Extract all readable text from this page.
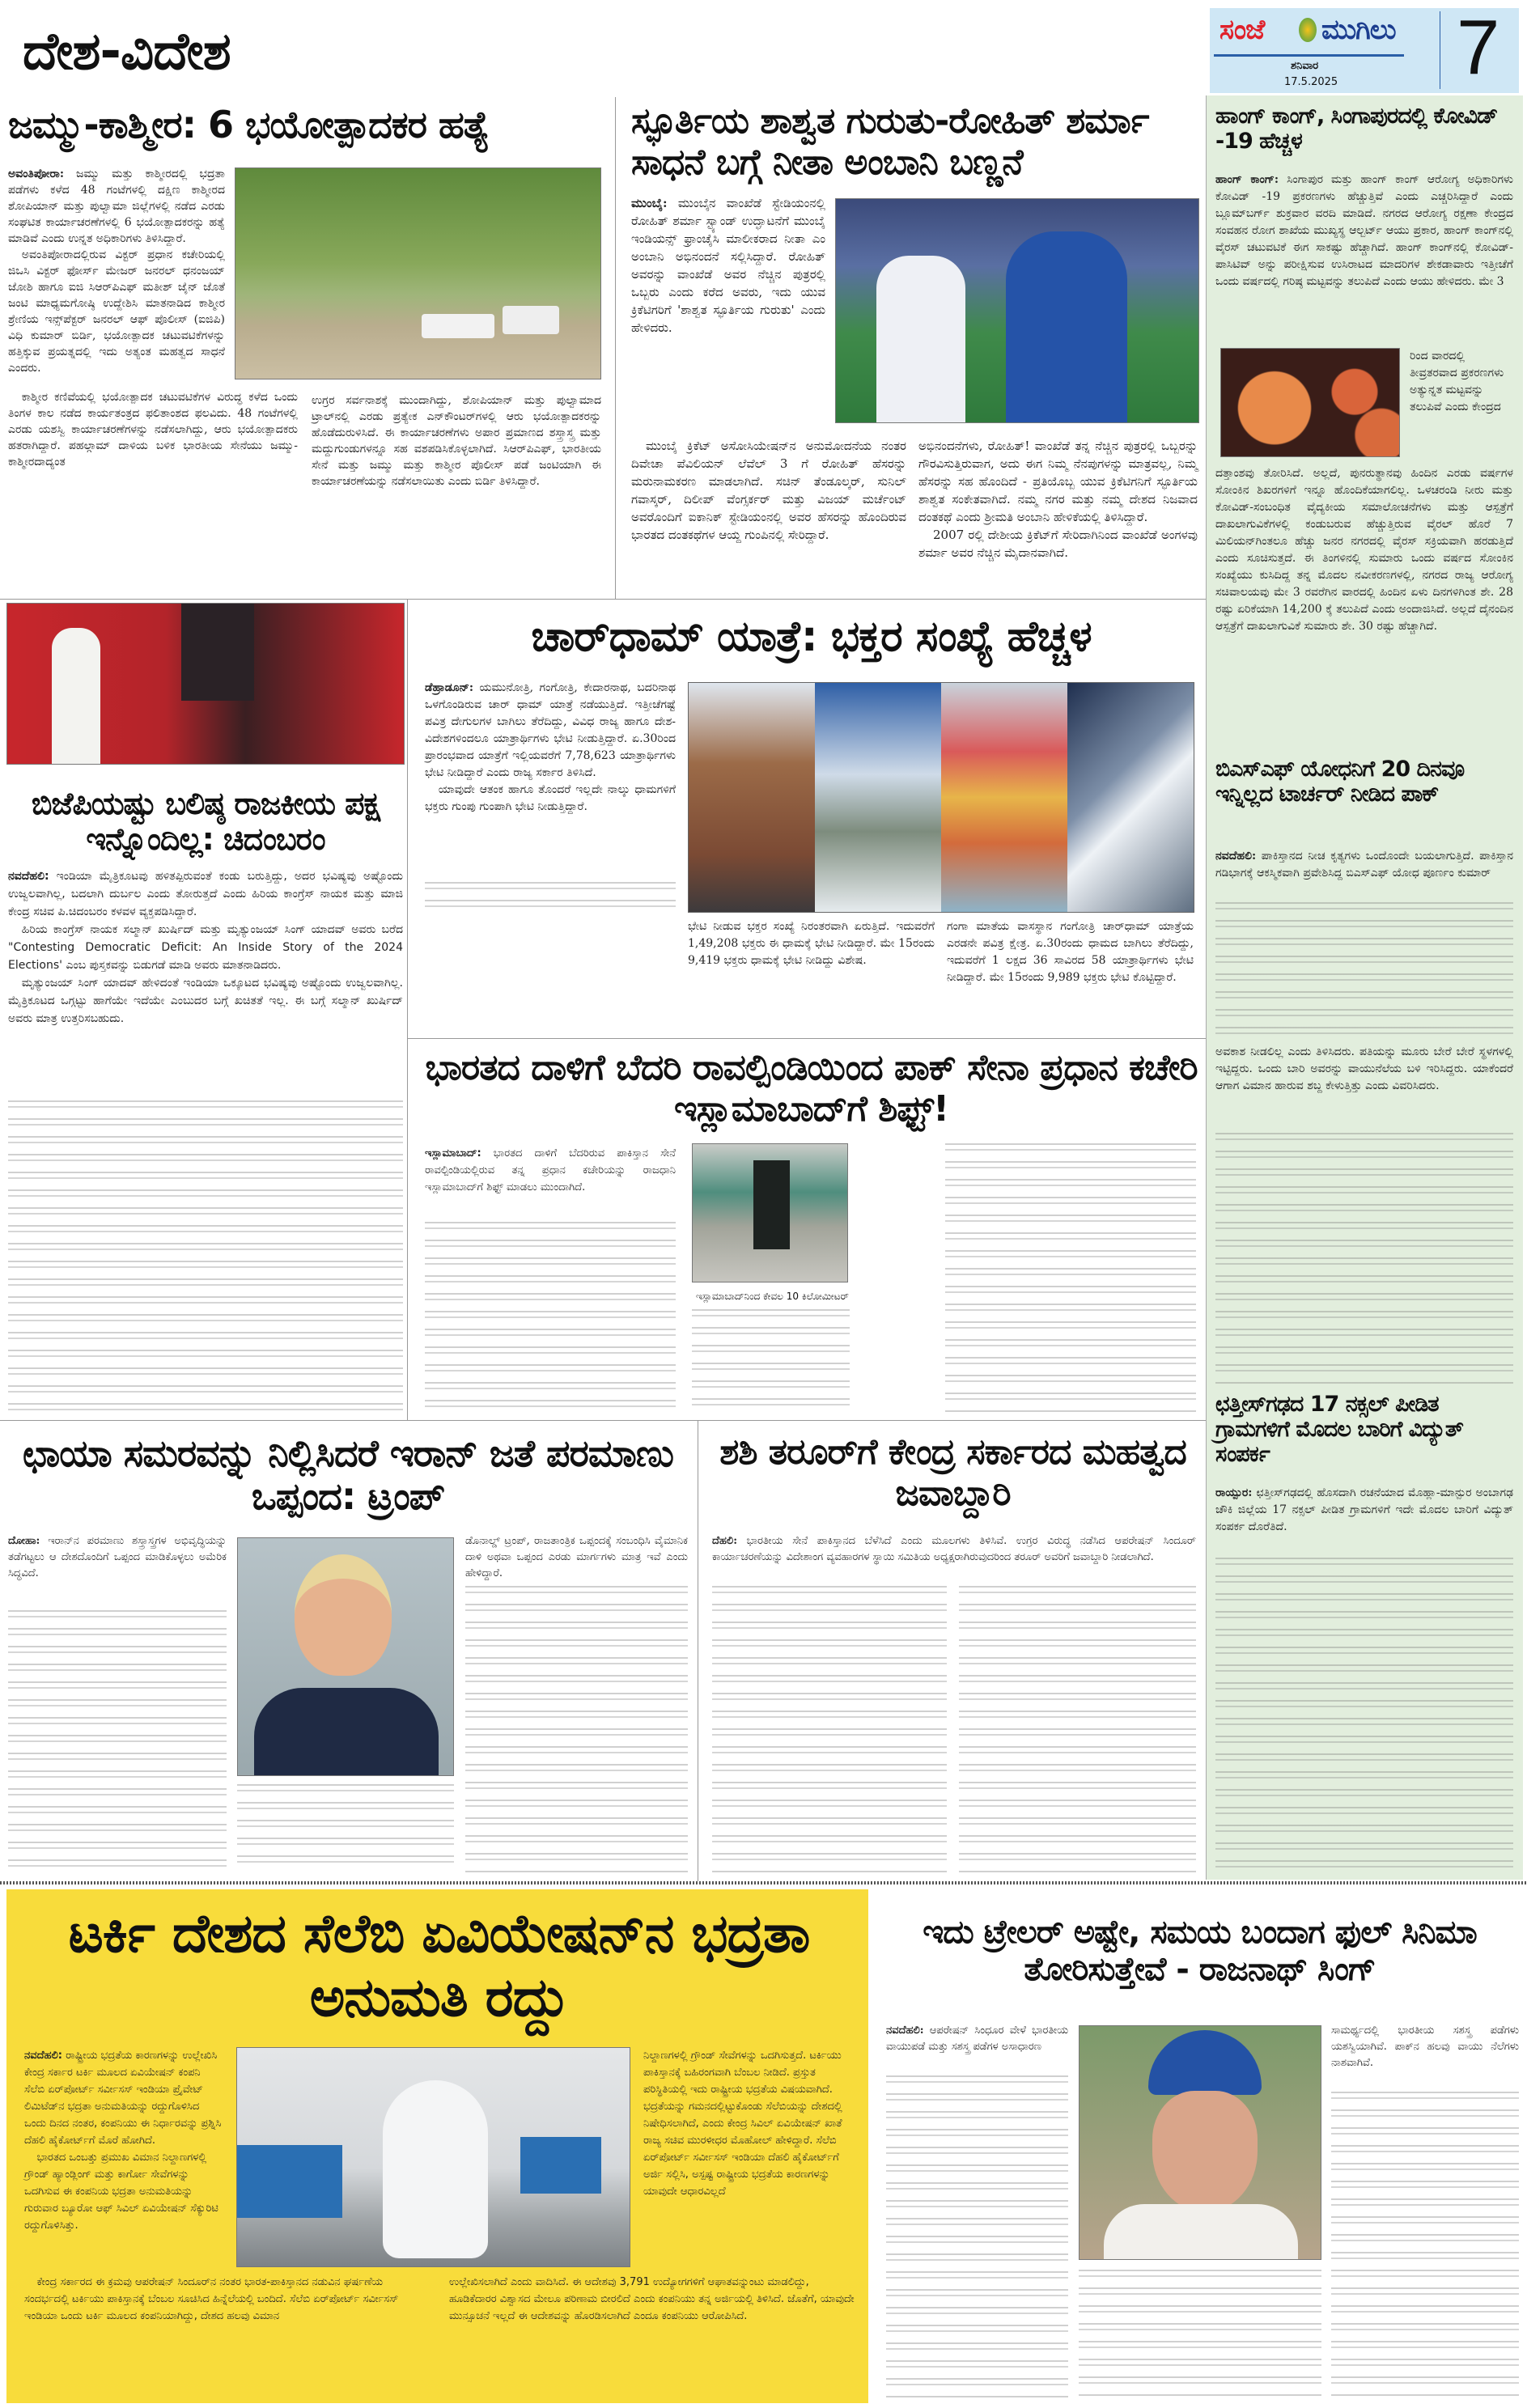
ದೇಶ-ವಿದೇಶ	ಸಂಜೆ ಮುಗಿಲು
ಶನಿವಾರ
17.5.2025 7
ಜಮ್ಮು-ಕಾಶ್ಮೀರ: 6 ಭಯೋತ್ಪಾದಕರ ಹತ್ಯೆ

ಅವಂತಿಪೋರಾ: ಜಮ್ಮು ಮತ್ತು ಕಾಶ್ಮೀರದಲ್ಲಿ ಭದ್ರತಾ ಪಡೆಗಳು ಕಳೆದ 48 ಗಂಟೆಗಳಲ್ಲಿ ದಕ್ಷಿಣ ಕಾಶ್ಮೀರದ ಶೋಪಿಯಾನ್ ಮತ್ತು ಪುಲ್ವಾಮಾ ಜಿಲ್ಲೆಗಳಲ್ಲಿ ನಡೆದ ಎರಡು ಸಂಘಟಿತ ಕಾರ್ಯಾಚರಣೆಗಳಲ್ಲಿ 6 ಭಯೋತ್ಪಾದಕರನ್ನು ಹತ್ಯೆ ಮಾಡಿವೆ ಎಂದು ಉನ್ನತ ಅಧಿಕಾರಿಗಳು ತಿಳಿಸಿದ್ದಾರೆ.

ಅವಂತಿಪೋರಾದಲ್ಲಿರುವ ವಿಕ್ಟರ್ ಪ್ರಧಾನ ಕಚೇರಿಯಲ್ಲಿ ಜಿಒಸಿ ವಿಕ್ಟರ್ ಫೋರ್ಸ್ ಮೇಜರ್ ಜನರಲ್ ಧನಂಜಯ್ ಜೋಶಿ ಹಾಗೂ ಐಜಿ ಸಿಆರ್‌ಪಿಎಫ್ ಮತೀಶ್ ಜೈನ್ ಜೊತೆ ಜಂಟಿ ಮಾಧ್ಯಮಗೋಷ್ಠಿ ಉದ್ದೇಶಿಸಿ ಮಾತನಾಡಿದ ಕಾಶ್ಮೀರ ಶ್ರೇಣಿಯ ಇನ್ಸ್‌ಪೆಕ್ಟರ್ ಜನರಲ್ ಆಫ್ ಪೊಲೀಸ್ (ಐಜಿಪಿ) ವಿಧಿ ಕುಮಾರ್ ಬಿರ್ಡಿ, ಭಯೋತ್ಪಾದಕ ಚಟುವಟಿಕೆಗಳನ್ನು ಹತ್ತಿಕ್ಕುವ ಪ್ರಯತ್ನದಲ್ಲಿ ಇದು ಅತ್ಯಂತ ಮಹತ್ವದ ಸಾಧನೆ ಎಂದರು.

ಕಾಶ್ಮೀರ ಕಣಿವೆಯಲ್ಲಿ ಭಯೋತ್ಪಾದಕ ಚಟುವಟಿಕೆಗಳ ವಿರುದ್ಧ ಕಳೆದ ಒಂದು ತಿಂಗಳ ಕಾಲ ನಡೆದ ಕಾರ್ಯತಂತ್ರದ ಫಲಿತಾಂಶದ ಫಲವಿದು. 48 ಗಂಟೆಗಳಲ್ಲಿ ಎರಡು ಯಶಸ್ವಿ ಕಾರ್ಯಾಚರಣೆಗಳನ್ನು ನಡೆಸಲಾಗಿದ್ದು, ಆರು ಭಯೋತ್ಪಾದಕರು ಹತರಾಗಿದ್ದಾರೆ. ಪಹಲ್ಗಾಮ್ ದಾಳಿಯ ಬಳಿಕ ಭಾರತೀಯ ಸೇನೆಯು ಜಮ್ಮು-ಕಾಶ್ಮೀರದಾದ್ಯಂತ

ಉಗ್ರರ ಸರ್ವನಾಶಕ್ಕೆ ಮುಂದಾಗಿದ್ದು, ಶೋಪಿಯಾನ್ ಮತ್ತು ಪುಲ್ವಾಮಾದ ಟ್ರಾಲ್‌ನಲ್ಲಿ ಎರಡು ಪ್ರತ್ಯೇಕ ಎನ್‌ಕೌಂಟರ್‌ಗಳಲ್ಲಿ ಆರು ಭಯೋತ್ಪಾದಕರನ್ನು ಹೊಡೆದುರುಳಿಸಿದೆ. ಈ ಕಾರ್ಯಾಚರಣೆಗಳು ಅಪಾರ ಪ್ರಮಾಣದ ಶಸ್ತ್ರಾಸ್ತ್ರ ಮತ್ತು ಮದ್ದುಗುಂಡುಗಳನ್ನೂ ಸಹ ವಶಪಡಿಸಿಕೊಳ್ಳಲಾಗಿದೆ. ಸಿಆರ್‌ಪಿಎಫ್, ಭಾರತೀಯ ಸೇನೆ ಮತ್ತು ಜಮ್ಮು ಮತ್ತು ಕಾಶ್ಮೀರ ಪೊಲೀಸ್ ಪಡೆ ಜಂಟಿಯಾಗಿ ಈ ಕಾರ್ಯಾಚರಣೆಯನ್ನು ನಡೆಸಲಾಯಿತು ಎಂದು ಬಿರ್ಡಿ ತಿಳಿಸಿದ್ದಾರೆ.

ಸ್ಫೂರ್ತಿಯ ಶಾಶ್ವತ ಗುರುತು-ರೋಹಿತ್ ಶರ್ಮಾ ಸಾಧನೆ ಬಗ್ಗೆ ನೀತಾ ಅಂಬಾನಿ ಬಣ್ಣನೆ

ಮುಂಬೈ: ಮುಂಬೈನ ವಾಂಖೆಡೆ ಸ್ಟೇಡಿಯಂನಲ್ಲಿ ರೋಹಿತ್ ಶರ್ಮಾ ಸ್ಟ್ಯಾಂಡ್ ಉದ್ಘಾಟನೆಗೆ ಮುಂಬೈ ಇಂಡಿಯನ್ಸ್ ಫ್ರಾಂಚೈಸಿ ಮಾಲೀಕರಾದ ನೀತಾ ಎಂ ಅಂಬಾನಿ ಅಭಿನಂದನೆ ಸಲ್ಲಿಸಿದ್ದಾರೆ. ರೋಹಿತ್ ಅವರನ್ನು ವಾಂಖೆಡೆ ಅವರ ನೆಚ್ಚಿನ ಪುತ್ರರಲ್ಲಿ ಒಬ್ಬರು ಎಂದು ಕರೆದ ಅವರು, ಇದು ಯುವ ಕ್ರಿಕೆಟಿಗರಿಗೆ 'ಶಾಶ್ವತ ಸ್ಫೂರ್ತಿಯ ಗುರುತು' ಎಂದು ಹೇಳಿದರು.

ಮುಂಬೈ ಕ್ರಿಕೆಟ್ ಅಸೋಸಿಯೇಷನ್‌ನ ಅನುಮೋದನೆಯ ನಂತರ ದಿವೇಚಾ ಪೆವಿಲಿಯನ್ ಲೆವೆಲ್ 3 ಗೆ ರೋಹಿತ್ ಹೆಸರನ್ನು ಮರುನಾಮಕರಣ ಮಾಡಲಾಗಿದೆ. ಸಚಿನ್ ತೆಂಡೂಲ್ಕರ್, ಸುನಿಲ್ ಗವಾಸ್ಕರ್, ದಿಲೀಪ್ ವೆಂಗ್ಸರ್ಕರ್ ಮತ್ತು ವಿಜಯ್ ಮರ್ಚೆಂಟ್ ಅವರೊಂದಿಗೆ ಐಕಾನಿಕ್ ಸ್ಟೇಡಿಯಂನಲ್ಲಿ ಅವರ ಹೆಸರನ್ನು ಹೊಂದಿರುವ ಭಾರತದ ದಂತಕಥೆಗಳ ಆಯ್ದ ಗುಂಪಿನಲ್ಲಿ ಸೇರಿದ್ದಾರೆ.

ಅಭಿನಂದನೆಗಳು, ರೋಹಿತ್! ವಾಂಖೆಡೆ ತನ್ನ ನೆಚ್ಚಿನ ಪುತ್ರರಲ್ಲಿ ಒಬ್ಬರನ್ನು ಗೌರವಿಸುತ್ತಿರುವಾಗ, ಅದು ಈಗ ನಿಮ್ಮ ನೆನಪುಗಳನ್ನು ಮಾತ್ರವಲ್ಲ, ನಿಮ್ಮ ಹೆಸರನ್ನು ಸಹ ಹೊಂದಿದೆ - ಪ್ರತಿಯೊಬ್ಬ ಯುವ ಕ್ರಿಕೆಟಿಗನಿಗೆ ಸ್ಫೂರ್ತಿಯ ಶಾಶ್ವತ ಸಂಕೇತವಾಗಿದೆ. ನಮ್ಮ ನಗರ ಮತ್ತು ನಮ್ಮ ದೇಶದ ನಿಜವಾದ ದಂತಕಥೆ ಎಂದು ಶ್ರೀಮತಿ ಅಂಬಾನಿ ಹೇಳಿಕೆಯಲ್ಲಿ ತಿಳಿಸಿದ್ದಾರೆ.

2007 ರಲ್ಲಿ ದೇಶೀಯ ಕ್ರಿಕೆಟ್‌ಗೆ ಸೇರಿದಾಗಿನಿಂದ ವಾಂಖೆಡೆ ಅಂಗಳವು ಶರ್ಮಾ ಅವರ ನೆಚ್ಚಿನ ಮೈದಾನವಾಗಿದೆ.

ಹಾಂಗ್ ಕಾಂಗ್, ಸಿಂಗಾಪುರದಲ್ಲಿ ಕೋವಿಡ್ -19 ಹೆಚ್ಚಳ

ಹಾಂಗ್ ಕಾಂಗ್: ಸಿಂಗಾಪುರ ಮತ್ತು ಹಾಂಗ್ ಕಾಂಗ್ ಆರೋಗ್ಯ ಅಧಿಕಾರಿಗಳು ಕೋವಿಡ್ -19 ಪ್ರಕರಣಗಳು ಹೆಚ್ಚುತ್ತಿವೆ ಎಂದು ಎಚ್ಚರಿಸಿದ್ದಾರೆ ಎಂದು ಬ್ಲೂಮ್‌ಬರ್ಗ್ ಶುಕ್ರವಾರ ವರದಿ ಮಾಡಿದೆ. ನಗರದ ಆರೋಗ್ಯ ರಕ್ಷಣಾ ಕೇಂದ್ರದ ಸಂವಹನ ರೋಗ ಶಾಖೆಯ ಮುಖ್ಯಸ್ಥ ಆಲ್ಬರ್ಟ್ ಆಯು ಪ್ರಕಾರ, ಹಾಂಗ್ ಕಾಂಗ್‌ನಲ್ಲಿ ವೈರಸ್ ಚಟುವಟಿಕೆ ಈಗ ಸಾಕಷ್ಟು ಹೆಚ್ಚಾಗಿದೆ. ಹಾಂಗ್ ಕಾಂಗ್‌ನಲ್ಲಿ ಕೋವಿಡ್-ಪಾಸಿಟಿವ್ ಅನ್ನು ಪರೀಕ್ಷಿಸುವ ಉಸಿರಾಟದ ಮಾದರಿಗಳ ಶೇಕಡಾವಾರು ಇತ್ತೀಚೆಗೆ ಒಂದು ವರ್ಷದಲ್ಲಿ ಗರಿಷ್ಠ ಮಟ್ಟವನ್ನು ತಲುಪಿದೆ ಎಂದು ಆಯು ಹೇಳಿದರು. ಮೇ 3

ರಿಂದ ವಾರದಲ್ಲಿ ತೀವ್ರತರವಾದ ಪ್ರಕರಣಗಳು ಅತ್ಯುನ್ನತ ಮಟ್ಟವನ್ನು ತಲುಪಿವೆ ಎಂದು ಕೇಂದ್ರದ

ದತ್ತಾಂಶವು ತೋರಿಸಿದೆ. ಅಲ್ಲದೆ, ಪುನರುತ್ಥಾನವು ಹಿಂದಿನ ಎರಡು ವರ್ಷಗಳ ಸೋಂಕಿನ ಶಿಖರಗಳಿಗೆ ಇನ್ನೂ ಹೊಂದಿಕೆಯಾಗಲಿಲ್ಲ. ಒಳಚರಂಡಿ ನೀರು ಮತ್ತು ಕೋವಿಡ್-ಸಂಬಂಧಿತ ವೈದ್ಯಕೀಯ ಸಮಾಲೋಚನೆಗಳು ಮತ್ತು ಆಸ್ಪತ್ರೆಗೆ ದಾಖಲಾಗುವಿಕೆಗಳಲ್ಲಿ ಕಂಡುಬರುವ ಹೆಚ್ಚುತ್ತಿರುವ ವೈರಲ್ ಹೊರೆ 7 ಮಿಲಿಯನ್‌ಗಿಂತಲೂ ಹೆಚ್ಚು ಜನರ ನಗರದಲ್ಲಿ ವೈರಸ್ ಸಕ್ರಿಯವಾಗಿ ಹರಡುತ್ತಿದೆ ಎಂದು ಸೂಚಿಸುತ್ತದೆ. ಈ ತಿಂಗಳಿನಲ್ಲಿ ಸುಮಾರು ಒಂದು ವರ್ಷದ ಸೋಂಕಿನ ಸಂಖ್ಯೆಯು ಕುಸಿದಿದ್ದ ತನ್ನ ಮೊದಲ ನವೀಕರಣಗಳಲ್ಲಿ, ನಗರದ ರಾಜ್ಯ ಆರೋಗ್ಯ ಸಚಿವಾಲಯವು ಮೇ 3 ರವರೆಗಿನ ವಾರದಲ್ಲಿ ಹಿಂದಿನ ಏಳು ದಿನಗಳಿಗಿಂತ ಶೇ. 28 ರಷ್ಟು ಏರಿಕೆಯಾಗಿ 14,200 ಕ್ಕೆ ತಲುಪಿದೆ ಎಂದು ಅಂದಾಜಿಸಿದೆ. ಅಲ್ಲದೆ ದೈನಂದಿನ ಆಸ್ಪತ್ರೆಗೆ ದಾಖಲಾಗುವಿಕೆ ಸುಮಾರು ಶೇ. 30 ರಷ್ಟು ಹೆಚ್ಚಾಗಿದೆ.

ಬಿಎಸ್‌ಎಫ್ ಯೋಧನಿಗೆ 20 ದಿನವೂ ಇನ್ನಿಲ್ಲದ ಟಾರ್ಚರ್ ನೀಡಿದ ಪಾಕ್

ನವದೆಹಲಿ: ಪಾಕಿಸ್ತಾನದ ನೀಚ ಕೃತ್ಯಗಳು ಒಂದೊಂದೇ ಬಯಲಾಗುತ್ತಿದೆ. ಪಾಕಿಸ್ತಾನ ಗಡಿಭಾಗಕ್ಕೆ ಆಕಸ್ಮಿಕವಾಗಿ ಪ್ರವೇಶಿಸಿದ್ದ ಬಿಎಸ್‌ಎಫ್ ಯೋಧ ಪೂರ್ಣಂ ಕುಮಾರ್

ಅವಕಾಶ ನೀಡಲಿಲ್ಲ ಎಂದು ತಿಳಿಸಿದರು. ಪತಿಯನ್ನು ಮೂರು ಬೇರೆ ಬೇರೆ ಸ್ಥಳಗಳಲ್ಲಿ ಇಟ್ಟಿದ್ದರು. ಒಂದು ಬಾರಿ ಅವರನ್ನು ವಾಯುನೆಲೆಯ ಬಳಿ ಇರಿಸಿದ್ದರು. ಯಾಕೆಂದರೆ ಆಗಾಗ ವಿಮಾನ ಹಾರುವ ಶಬ್ದ ಕೇಳುತ್ತಿತ್ತು ಎಂದು ವಿವರಿಸಿದರು.

ಛತ್ತೀಸ್‌ಗಢದ 17 ನಕ್ಸಲ್ ಪೀಡಿತ ಗ್ರಾಮಗಳಿಗೆ ಮೊದಲ ಬಾರಿಗೆ ವಿದ್ಯುತ್ ಸಂಪರ್ಕ

ರಾಯ್ಪುರ: ಛತ್ತೀಸ್‌ಗಢದಲ್ಲಿ ಹೊಸದಾಗಿ ರಚನೆಯಾದ ಮೊಹ್ಲಾ-ಮಾನ್ಪುರ ಅಂಬಾಗಢ ಚೌಕಿ ಜಿಲ್ಲೆಯ 17 ನಕ್ಸಲ್ ಪೀಡಿತ ಗ್ರಾಮಗಳಿಗೆ ಇದೇ ಮೊದಲ ಬಾರಿಗೆ ವಿದ್ಯುತ್ ಸಂಪರ್ಕ ದೊರೆತಿದೆ.

ಬಿಜೆಪಿಯಷ್ಟು ಬಲಿಷ್ಠ ರಾಜಕೀಯ ಪಕ್ಷ ಇನ್ನೊಂದಿಲ್ಲ: ಚಿದಂಬರಂ

ನವದೆಹಲಿ: ಇಂಡಿಯಾ ಮೈತ್ರಿಕೂಟವು ಹಳಿತಪ್ಪಿರುವಂತೆ ಕಂಡು ಬರುತ್ತಿದ್ದು, ಅದರ ಭವಿಷ್ಯವು ಅಷ್ಟೊಂದು ಉಜ್ವಲವಾಗಿಲ್ಲ, ಬದಲಾಗಿ ದುರ್ಬಲ ಎಂದು ತೋರುತ್ತದೆ ಎಂದು ಹಿರಿಯ ಕಾಂಗ್ರೆಸ್ ನಾಯಕ ಮತ್ತು ಮಾಜಿ ಕೇಂದ್ರ ಸಚಿವ ಪಿ.ಚಿದಂಬರಂ ಕಳವಳ ವ್ಯಕ್ತಪಡಿಸಿದ್ದಾರೆ.

ಹಿರಿಯ ಕಾಂಗ್ರೆಸ್ ನಾಯಕ ಸಲ್ಮಾನ್ ಖುರ್ಷಿದ್ ಮತ್ತು ಮೃತ್ಯುಂಜಯ್ ಸಿಂಗ್ ಯಾದವ್ ಅವರು ಬರೆದ "Contesting Democratic Deficit: An Inside Story of the 2024 Elections' ಎಂಬ ಪುಸ್ತಕವನ್ನು ಬಿಡುಗಡೆ ಮಾಡಿ ಅವರು ಮಾತನಾಡಿದರು.

ಮೃತ್ಯುಂಜಯ್ ಸಿಂಗ್ ಯಾದವ್ ಹೇಳಿದಂತೆ ಇಂಡಿಯಾ ಒಕ್ಕೂಟದ ಭವಿಷ್ಯವು ಅಷ್ಟೊಂದು ಉಜ್ವಲವಾಗಿಲ್ಲ. ಮೈತ್ರಿಕೂಟದ ಒಗ್ಗಟ್ಟು ಹಾಗೆಯೇ ಇದೆಯೇ ಎಂಬುದರ ಬಗ್ಗೆ ಖಚಿತತೆ ಇಲ್ಲ. ಈ ಬಗ್ಗೆ ಸಲ್ಮಾನ್ ಖುರ್ಷಿದ್ ಅವರು ಮಾತ್ರ ಉತ್ತರಿಸಬಹುದು.

ಚಾರ್‌ಧಾಮ್ ಯಾತ್ರೆ: ಭಕ್ತರ ಸಂಖ್ಯೆ ಹೆಚ್ಚಳ

ಡೆಹ್ರಾಡೂನ್: ಯಮುನೋತ್ರಿ, ಗಂಗೋತ್ರಿ, ಕೇದಾರನಾಥ, ಬದರಿನಾಥ ಒಳಗೊಂಡಿರುವ ಚಾರ್ ಧಾಮ್ ಯಾತ್ರೆ ನಡೆಯುತ್ತಿದೆ. ಇತ್ತೀಚೆಗಷ್ಟೆ ಪವಿತ್ರ ದೇಗುಲಗಳ ಬಾಗಿಲು ತೆರೆದಿದ್ದು, ವಿವಿಧ ರಾಜ್ಯ ಹಾಗೂ ದೇಶ-ವಿದೇಶಗಳಿಂದಲೂ ಯಾತ್ರಾರ್ಥಿಗಳು ಭೇಟಿ ನೀಡುತ್ತಿದ್ದಾರೆ. ಏ.30ರಿಂದ ಪ್ರಾರಂಭವಾದ ಯಾತ್ರೆಗೆ ಇಲ್ಲಿಯವರೆಗೆ 7,78,623 ಯಾತ್ರಾರ್ಥಿಗಳು ಭೇಟಿ ನೀಡಿದ್ದಾರೆ ಎಂದು ರಾಜ್ಯ ಸರ್ಕಾರ ತಿಳಿಸಿದೆ.

ಯಾವುದೇ ಆತಂಕ ಹಾಗೂ ತೊಂದರೆ ಇಲ್ಲದೇ ನಾಲ್ಕು ಧಾಮಗಳಿಗೆ ಭಕ್ತರು ಗುಂಪು ಗುಂಪಾಗಿ ಭೇಟಿ ನೀಡುತ್ತಿದ್ದಾರೆ.

ಭೇಟಿ ನೀಡುವ ಭಕ್ತರ ಸಂಖ್ಯೆ ನಿರಂತರವಾಗಿ ಏರುತ್ತಿದೆ. ಇದುವರೆಗೆ 1,49,208 ಭಕ್ತರು ಈ ಧಾಮಕ್ಕೆ ಭೇಟಿ ನೀಡಿದ್ದಾರೆ. ಮೇ 15ರಂದು 9,419 ಭಕ್ತರು ಧಾಮಕ್ಕೆ ಭೇಟಿ ನೀಡಿದ್ದು ವಿಶೇಷ.

ಗಂಗಾ ಮಾತೆಯ ವಾಸಸ್ಥಾನ ಗಂಗೋತ್ರಿ ಚಾರ್‌ಧಾಮ್ ಯಾತ್ರೆಯ ಎರಡನೇ ಪವಿತ್ರ ಕ್ಷೇತ್ರ. ಏ.30ರಂದು ಧಾಮದ ಬಾಗಿಲು ತೆರೆದಿದ್ದು, ಇದುವರೆಗೆ 1 ಲಕ್ಷದ 36 ಸಾವಿರದ 58 ಯಾತ್ರಾರ್ಥಿಗಳು ಭೇಟಿ ನೀಡಿದ್ದಾರೆ. ಮೇ 15ರಂದು 9,989 ಭಕ್ತರು ಭೇಟಿ ಕೊಟ್ಟಿದ್ದಾರೆ.

ಭಾರತದ ದಾಳಿಗೆ ಬೆದರಿ ರಾವಲ್ಪಿಂಡಿಯಿಂದ ಪಾಕ್ ಸೇನಾ ಪ್ರಧಾನ ಕಚೇರಿ ಇಸ್ಲಾಮಾಬಾದ್‌ಗೆ ಶಿಫ್ಟ್!

ಇಸ್ಲಾಮಾಬಾದ್: ಭಾರತದ ದಾಳಿಗೆ ಬೆದರಿರುವ ಪಾಕಿಸ್ತಾನ ಸೇನೆ ರಾವಲ್ಪಿಂಡಿಯಲ್ಲಿರುವ ತನ್ನ ಪ್ರಧಾನ ಕಚೇರಿಯನ್ನು ರಾಜಧಾನಿ ಇಸ್ಲಾಮಾಬಾದ್‌ಗೆ ಶಿಫ್ಟ್ ಮಾಡಲು ಮುಂದಾಗಿದೆ.

ಇಸ್ಲಾಮಾಬಾದ್‌ನಿಂದ ಕೇವಲ 10 ಕಿಲೋಮೀಟರ್
ಛಾಯಾ ಸಮರವನ್ನು ನಿಲ್ಲಿಸಿದರೆ ಇರಾನ್ ಜತೆ ಪರಮಾಣು ಒಪ್ಪಂದ: ಟ್ರಂಪ್

ದೋಹಾ: ಇರಾನ್‌ನ ಪರಮಾಣು ಶಸ್ತ್ರಾಸ್ತ್ರಗಳ ಅಭಿವೃದ್ಧಿಯನ್ನು ತಡೆಗಟ್ಟಲು ಆ ದೇಶದೊಂದಿಗೆ ಒಪ್ಪಂದ ಮಾಡಿಕೊಳ್ಳಲು ಅಮೆರಿಕ ಸಿದ್ಧವಿದೆ.

ಡೊನಾಲ್ಡ್ ಟ್ರಂಪ್, ರಾಜತಾಂತ್ರಿಕ ಒಪ್ಪಂದಕ್ಕೆ ಸಂಬಂಧಿಸಿ ವೈಮಾನಿಕ ದಾಳಿ ಅಥವಾ ಒಪ್ಪಂದ ಎರಡು ಮಾರ್ಗಗಳು ಮಾತ್ರ ಇವೆ ಎಂದು ಹೇಳಿದ್ದಾರೆ.

ಶಶಿ ತರೂರ್‌ಗೆ ಕೇಂದ್ರ ಸರ್ಕಾರದ ಮಹತ್ವದ ಜವಾಬ್ದಾರಿ

ದೆಹಲಿ: ಭಾರತೀಯ ಸೇನೆ ಪಾಕಿಸ್ತಾನದ ಬೆಳೆಸಿದೆ ಎಂದು ಮೂಲಗಳು ತಿಳಿಸಿವೆ. ಉಗ್ರರ ವಿರುದ್ಧ ನಡೆಸಿದ ಆಪರೇಷನ್ ಸಿಂದೂರ್ ಕಾರ್ಯಾಚರಣೆಯನ್ನು ವಿದೇಶಾಂಗ ವ್ಯವಹಾರಗಳ ಸ್ಥಾಯಿ ಸಮಿತಿಯ ಅಧ್ಯಕ್ಷರಾಗಿರುವುದರಿಂದ ತರೂರ್ ಅವರಿಗೆ ಜವಾಬ್ದಾರಿ ನೀಡಲಾಗಿದೆ.

ಟರ್ಕಿ ದೇಶದ ಸೆಲೆಬಿ ಏವಿಯೇಷನ್‌ನ ಭದ್ರತಾ ಅನುಮತಿ ರದ್ದು

ನವದೆಹಲಿ: ರಾಷ್ಟ್ರೀಯ ಭದ್ರತೆಯ ಕಾರಣಗಳನ್ನು ಉಲ್ಲೇಖಿಸಿ ಕೇಂದ್ರ ಸರ್ಕಾರ ಟರ್ಕಿ ಮೂಲದ ಏವಿಯೇಷನ್ ಕಂಪನಿ ಸೆಲೆಬಿ ಏರ್‌ಪೋರ್ಟ್ ಸರ್ವೀಸಸ್ ಇಂಡಿಯಾ ಪ್ರೈವೇಟ್ ಲಿಮಿಟೆಡ್‌ನ ಭದ್ರತಾ ಅನುಮತಿಯನ್ನು ರದ್ದುಗೊಳಿಸಿದ ಒಂದು ದಿನದ ನಂತರ, ಕಂಪನಿಯು ಈ ನಿರ್ಧಾರವನ್ನು ಪ್ರಶ್ನಿಸಿ ದೆಹಲಿ ಹೈಕೋರ್ಟ್‌ಗೆ ಮೊರೆ ಹೋಗಿದೆ.

ಭಾರತದ ಒಂಬತ್ತು ಪ್ರಮುಖ ವಿಮಾನ ನಿಲ್ದಾಣಗಳಲ್ಲಿ ಗ್ರೌಂಡ್ ಹ್ಯಾಂಡ್ಲಿಂಗ್ ಮತ್ತು ಕಾರ್ಗೋ ಸೇವೆಗಳನ್ನು ಒದಗಿಸುವ ಈ ಕಂಪನಿಯ ಭದ್ರತಾ ಅನುಮತಿಯನ್ನು ಗುರುವಾರ ಬ್ಯೂರೋ ಆಫ್ ಸಿವಿಲ್ ಏವಿಯೇಷನ್ ಸೆಕ್ಯುರಿಟಿ ರದ್ದುಗೊಳಿಸಿತ್ತು.

ಕೇಂದ್ರ ಸರ್ಕಾರದ ಈ ಕ್ರಮವು ಆಪರೇಷನ್ ಸಿಂದೂರ್‌ನ ನಂತರ ಭಾರತ-ಪಾಕಿಸ್ತಾನದ ನಡುವಿನ ಘರ್ಷಣೆಯ ಸಂದರ್ಭದಲ್ಲಿ ಟರ್ಕಿಯು ಪಾಕಿಸ್ತಾನಕ್ಕೆ ಬೆಂಬಲ ಸೂಚಿಸಿದ ಹಿನ್ನೆಲೆಯಲ್ಲಿ ಬಂದಿದೆ. ಸೆಲೆಬಿ ಏರ್‌ಪೋರ್ಟ್ ಸರ್ವೀಸಸ್ ಇಂಡಿಯಾ ಒಂದು ಟರ್ಕಿ ಮೂಲದ ಕಂಪನಿಯಾಗಿದ್ದು, ದೇಶದ ಹಲವು ವಿಮಾನ

ನಿಲ್ದಾಣಗಳಲ್ಲಿ ಗ್ರೌಂಡ್ ಸೇವೆಗಳನ್ನು ಒದಗಿಸುತ್ತದೆ. ಟರ್ಕಿಯು ಪಾಕಿಸ್ತಾನಕ್ಕೆ ಬಹಿರಂಗವಾಗಿ ಬೆಂಬಲ ನೀಡಿದೆ. ಪ್ರಸ್ತುತ ಪರಿಸ್ಥಿತಿಯಲ್ಲಿ ಇದು ರಾಷ್ಟ್ರೀಯ ಭದ್ರತೆಯ ವಿಷಯವಾಗಿದೆ. ಭದ್ರತೆಯನ್ನು ಗಮನದಲ್ಲಿಟ್ಟುಕೊಂಡು ಸೆಲೆಬಿಯನ್ನು ದೇಶದಲ್ಲಿ ನಿಷೇಧಿಸಲಾಗಿದೆ, ಎಂದು ಕೇಂದ್ರ ಸಿವಿಲ್ ಏವಿಯೇಷನ್ ಖಾತೆ ರಾಜ್ಯ ಸಚಿವ ಮುರಳೀಧರ ಮೊಹೋಲ್ ಹೇಳಿದ್ದಾರೆ. ಸೆಲೆಬಿ ಏರ್‌ಪೋರ್ಟ್ ಸರ್ವೀಸಸ್ ಇಂಡಿಯಾ ದೆಹಲಿ ಹೈಕೋರ್ಟ್‌ಗೆ ಅರ್ಜಿ ಸಲ್ಲಿಸಿ, ಅಸ್ಪಷ್ಟ ರಾಷ್ಟ್ರೀಯ ಭದ್ರತೆಯ ಕಾರಣಗಳನ್ನು ಯಾವುದೇ ಆಧಾರವಿಲ್ಲದೆ

ಉಲ್ಲೇಖಿಸಲಾಗಿದೆ ಎಂದು ವಾದಿಸಿದೆ. ಈ ಆದೇಶವು 3,791 ಉದ್ಯೋಗಗಳಿಗೆ ಆಘಾತವನ್ನುಂಟು ಮಾಡಲಿದ್ದು, ಹೂಡಿಕೆದಾರರ ವಿಶ್ವಾಸದ ಮೇಲೂ ಪರಿಣಾಮ ಬೀರಲಿದೆ ಎಂದು ಕಂಪನಿಯು ತನ್ನ ಅರ್ಜಿಯಲ್ಲಿ ತಿಳಿಸಿದೆ. ಜೊತೆಗೆ, ಯಾವುದೇ ಮುನ್ಸೂಚನೆ ಇಲ್ಲದೆ ಈ ಆದೇಶವನ್ನು ಹೊರಡಿಸಲಾಗಿದೆ ಎಂದೂ ಕಂಪನಿಯು ಆರೋಪಿಸಿದೆ.

ಇದು ಟ್ರೇಲರ್ ಅಷ್ಟೇ, ಸಮಯ ಬಂದಾಗ ಫುಲ್ ಸಿನಿಮಾ ತೋರಿಸುತ್ತೇವೆ - ರಾಜನಾಥ್ ಸಿಂಗ್

ನವದೆಹಲಿ: ಆಪರೇಷನ್ ಸಿಂಧೂರ ವೇಳೆ ಭಾರತೀಯ ವಾಯುಪಡೆ ಮತ್ತು ಸಶಸ್ತ್ರ ಪಡೆಗಳ ಅಸಾಧಾರಣ

ಸಾಮರ್ಥ್ಯದಲ್ಲಿ ಭಾರತೀಯ ಸಶಸ್ತ್ರ ಪಡೆಗಳು ಯಶಸ್ವಿಯಾಗಿವೆ. ಪಾಕ್‌ನ ಹಲವು ವಾಯು ನೆಲೆಗಳು ನಾಶವಾಗಿವೆ.
